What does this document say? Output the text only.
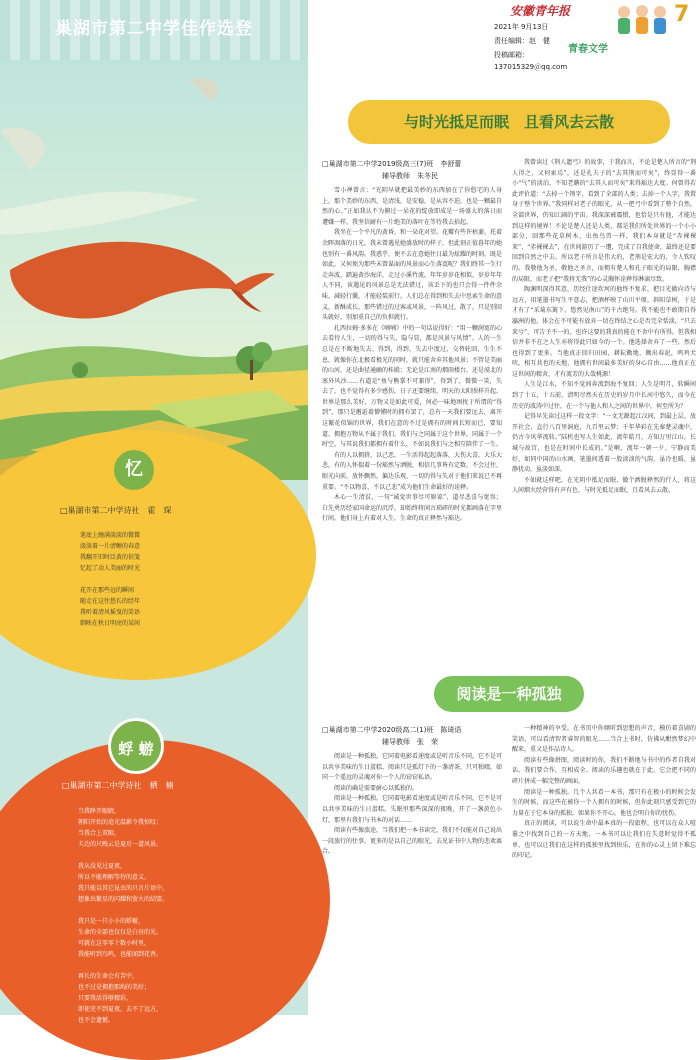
巢湖市第二中学佳作选登
忆
□巢湖市第二中学诗社　霍　琛
笔底上缠满淡淡的微微
淡淡着一片清晰的春意
我翻开旧时泛黄的信笺
忆起了动人美丽的时光

花开在那些远的瞬间
随走在这往悠长的经年
我听着清风摇曳的笑语
倒映在秋日明亮的某间
蜉 蝣
□巢湖市第二中学诗社　栖　楠
当我睁开眼睛，
朝阳开始的追光温影令我惊叹；
当我合上双眼，
夫边的尺晚云是夏后一道风景。

我从没见过夏夜，
所以不能理解等待的意义。
我只能以其它昆虫的只言片语中，
想象出繁星的闪耀和萤火的结盟。

我只是一只小小的蜉蝣，
生命的全部也仅仅是白昼的光。
可就在这零零十数小时里，
我能听到鸟鸣，也能闻到花香。

再长的生命会有苦中，
也不过是拥抱那绚的美好；
只要我活得够精彩，
即使充不到夏夜，去不了远方，
也不会遗憾。
安徽青年报
2021年 9月13日
责任编辑：赵　健
投稿邮箱：
137015329＠qq.com
青春文学
7
与时光抵足而眠　且看风去云散
□巢湖市第二中学2019级高三(7)班　李舒蕾
辅导教师　朱冬民

雪小禅曾言：“光阴早就把最美妙的东西加在了你悠宅的人身上，那个美妙的东西，是清浅，是安稳，是从容不迫，也是一颗最自然的心。”正如我认不为俯过一朵花的绽放即成是一场盛大的落日而遭嫌一样，我坚信耐有一片绝美的落叶在等待我去拾起。

我坐在一个平凡的黄昏，和一朵花对望。花瓣有些许枯萎，托着余晖凋落的日光，我未曾遇见她盛放时的样子，但此刻正值暮年的她也别有一番风韵。我惑乎，便不去在意她往日最为炫耀的时刻。既是如此，又何须为那些未曾谋面的风景而心生落寞呢？我们终其一生行走奔波，踏遍黄沙海洋，走过小溪竹流。年年岁岁花相似，岁岁年年人不同，该遇见的风景总是无法错过，该丢下的也只会得一件件余味，减轻行囊，才能轻装前行。人们总在得到和失去中思索生命的意义，新酥成长，那些错过的过客或风景，一阵风过，散了，只是别回头就好，别加重自己的负担就行。

扎西拉姆·多多在《喃喃》中的一句话说得好：“用一颗润宽的心去看待人生，一切的得与失，隐与显，都是风景与风情”。人的一生总是在不断地失去、得到，得到、失去中度过，交替轮回，生生不息，就像你在北极看极光的同时，就只能舍弃其他风景；不管是美丽的山河，还是曲径通幽的桂殿；无论是江南的烟雨楼台，还是漠北的塞外风沙……有道是“鱼与熊掌不可兼得”，得到了，微微一笑，失去了，也不觉得有多少感伤，日子还要继续，明天的太阳照样升起。世界是那么美好，万物又是如此可爱，何必一味地困扰于所谓的“得到”，那只是邂逅着懵懂时的拥有罢了，总有一天我们要远去，离开这繁花似锦的世界，我们在意的不过是拥有的时间长短而已，要知道，拥抱万物从不属于我们，我们与之同属于这个世界，同属于一个时空，与其说我们都拥有着什么，不如说我们与之相互陪伴了一生。

有的人以拥挤，以己恶，一生活得起起落落，大伤大喜，大乐大悲，有的人怀揣着一份豁然与洒脱，相信几事皆有定数，不会过往，眼光向前，放怀飘然，偏达乐观，一切的得与失对于他们来说已不再重要。“不以物喜，不以己悲”成为他们生命最好的诠释。

木心一生清贫，一句“诚觉世事尽可原谅”，道尽悲喜与宽容；白先勇历经家国命运的沉浮，却始终将闲言琐碎的时光都画落在字里行间。他们身上有着对人生，生命的真正释然与豁达。

我曾读过《荆人遗弓》的故事，于我而言，不论是楚人所言的“荆人得之，又何索焉”，还是孔夫子的“去其荆而可矣”，终显得一番小“气”的淡泊、不知老聃的“去其人而可矣”来得豁达大度。何曾得若此评价道：“去掉一个荆字，看到了全部的人类；去掉一个人字，我置身于整个世界。”我同样对老子的眼光，从一把弓中看到了整个自然，全部世界，仍知江阔的宇宙。我深深被震慑，也恰是只有他，才能达到这样的境界！不论是楚人还是人类，都是我们所处世界的一个小小部分，回那些花草树木、虫鱼鸟兽一样，我们本身就是“赤裸裸来”、“赤裸裸去”，在世间游历了一遭，完成了自我使命，最终还是要回到自然之中去。所以老子所言是伟大的，老荆是宏大的，令人钦叹的。我敬他为圣，敬他之圣言，而拥有楚人和孔子眼光的局限，胸襟的局限，而老子把“我将无我”的心灵胸怀诠释得淋漓尽致。

陶渊明深得其意，历经仕途坎坷的他终不复求，把目光撤向诗与远方，用笔墨书写生平意志，把酒杯映了山川平原，斜阳草树，于是才有了“采菊东篱下，悠然见南山”的千古绝句。我不能也不敢期自得瀛洲的他，体会在不可能有放弃一切在终结之心是否完全恬淡，“只去来兮”，可告予不一的，也许这要的我真的能在不舍中有所得。但我相信并非不在之人生亦将得此只如今的一个。他选择舍弃了一些，然后也得到了更多。当他真正回归田园，耕耘锄地，锄出春泥，鸣鸡犬吠，相互共也的天地，他拥有世间最多美好的身心自由……他真正在这世间的精舍，才有流芳的大哉桃源！

人生是江水，不知不觉间奔流到海不复回；人生是明月，转瞬间到了十五，十五前，清明尽然天在历史的岁月中长河中悠久，而今在历史的波涛中过往，在一个与他人和人之间的世界中，何至所为？

记得早先读过这样一段文字：“一文无源起江汉间，到最上层，放开社会，直行八百里洞庭，九百里云梦；千年华彩在先秦楚灵魂中，仍古今风华流转。”陆机也写人生如此，流年皓月，方知万里江山。长城与故宫，也是在时间中长成的。”是啊，流年一朝一夕、宁静而美好，如同中国的山水画，笔墨间透着一股淡淡的气韵，虽冷也暖，虽静犹动，虽淡如深。

不如就这样吧，在光阴中抵足而眠，做个洒脱释然的行人，将这人间烟火经营得有声有色，与时光抵足而眠，且看风去云散。

阅读是一种孤独
□巢湖市第二中学2020级高二(1)班　陈琦语
辅导教师　张　荣

阅读是一种孤独。它同着电影看速度或是听音乐不同，它不是可以共享美味的生日蛋糕，阅读只是孤灯下的一盏清茶，只可独啜，如同一个遥远的灵魂对你一个人的窃窃私语。

阅读的确是需要耐心以孤独的。

阅读是一种孤独。它同着电影看速度或是听音乐不同，它不是可以共享美味的生日蛋糕。失眠里那些深深的夜晚，开了一盏黄色小灯，那里有我们与书本的对话……

阅读有些像旅途，当我们把一本书读完，我们不仅能对自己说出一段旅行的往事，更多的是以自己的眼光，去见证书中人物的悲欢离合。

一种精神的享受，在书页中你倾听到思想的声音，模仿着喜剧的笑语，可以看清智者睿智的眼光……当合上书时，仿佛从酣然梦幻中醒来，重又是作品诗人。

阅读有些像拼图，阅读时的你，我们不断地与书中的作者自我对话，我们要合作，互相成全。阅读的乐趣也就在于此，它会把不同的碎片拼成一幅完整的画面。

阅读是一种孤独。几个人共看一本书，那只有在极小的时候会发生的时候，而这些在被你一个人拥有的时候，但你此刻只感受到它的力量在于它本身的孤独。如果你不开心，他也会明白你的忧伤。

真正的阅读，可以说生命中最本真的一段旅程，也可以在众人喧嚣之中找到自己的一方天地，一本书可以让我们在失意时觉得不孤单，也可以让我们在这样的孤独里找到快乐，在你的心灵上留下难忘的印记。
